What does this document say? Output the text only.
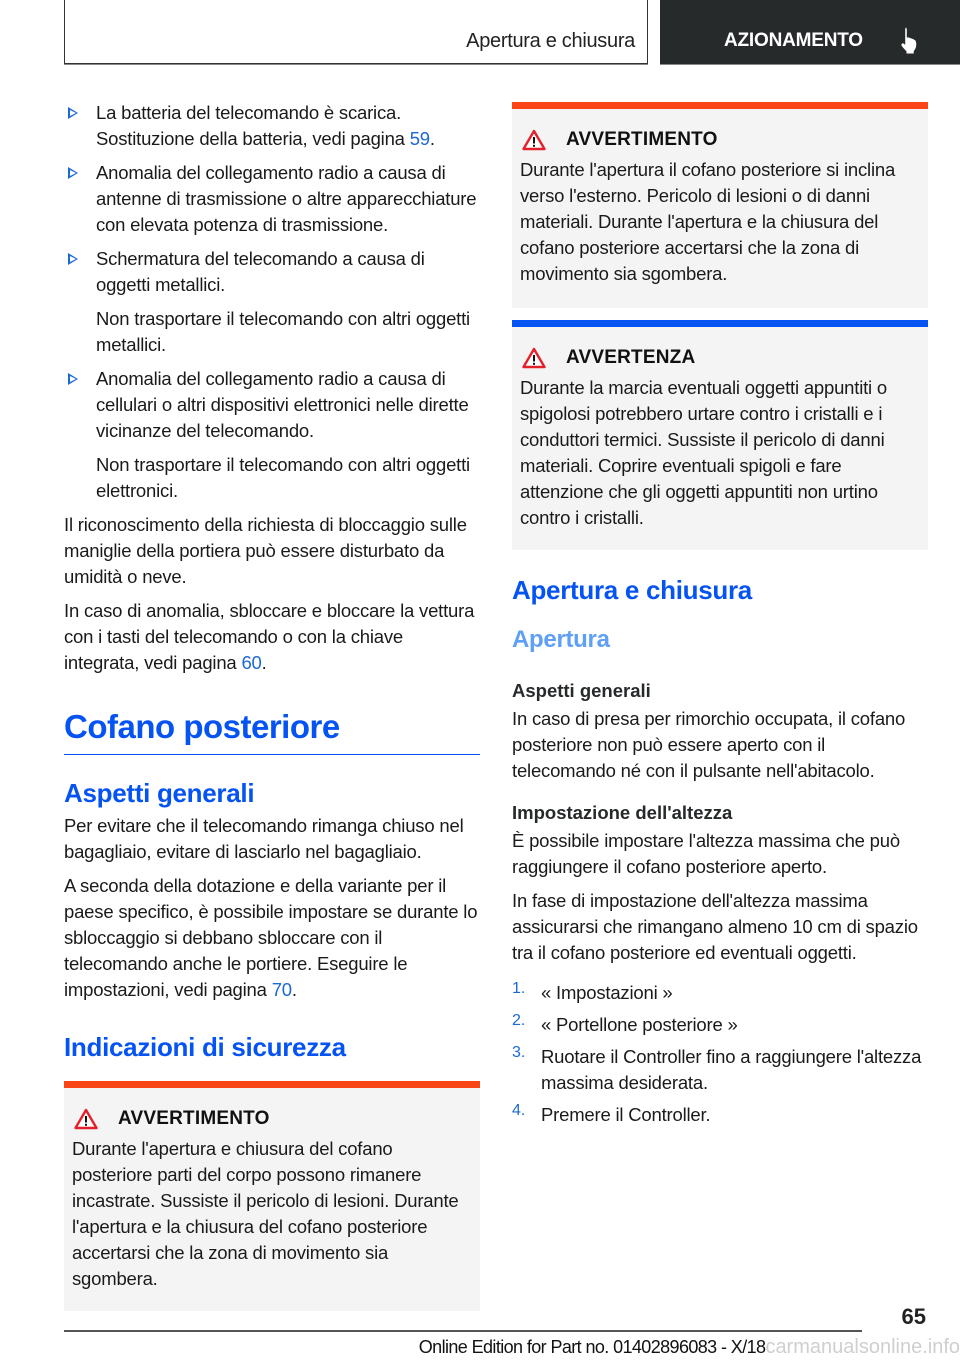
Apertura e chiusura	AZIONAMENTO

La batteria del telecomando è scarica. Sostituzione della batteria, vedi pagina 59.

Anomalia del collegamento radio a causa di antenne di trasmissione o altre apparecchiature con elevata potenza di trasmissione.

Schermatura del telecomando a causa di oggetti metallici.

Non trasportare il telecomando con altri oggetti metallici.

Anomalia del collegamento radio a causa di cellulari o altri dispositivi elettronici nelle dirette vicinanze del telecomando.

Non trasportare il telecomando con altri oggetti elettronici.

Il riconoscimento della richiesta di bloccaggio sulle maniglie della portiera può essere disturbato da umidità o neve.

In caso di anomalia, sbloccare e bloccare la vettura con i tasti del telecomando o con la chiave integrata, vedi pagina 60.

Cofano posteriore
Aspetti generali

Per evitare che il telecomando rimanga chiuso nel bagagliaio, evitare di lasciarlo nel bagagliaio.

A seconda della dotazione e della variante per il paese specifico, è possibile impostare se durante lo sbloccaggio si debbano sbloccare con il telecomando anche le portiere. Eseguire le impostazioni, vedi pagina 70.

Indicazioni di sicurezza
AVVERTIMENTO

Durante l'apertura e chiusura del cofano posteriore parti del corpo possono rimanere incastrate. Sussiste il pericolo di lesioni. Durante l'apertura e la chiusura del cofano posteriore accertarsi che la zona di movimento sia sgombera.

AVVERTIMENTO

Durante l'apertura il cofano posteriore si inclina verso l'esterno. Pericolo di lesioni o di danni materiali. Durante l'apertura e la chiusura del cofano posteriore accertarsi che la zona di movimento sia sgombera.

AVVERTENZA

Durante la marcia eventuali oggetti appuntiti o spigolosi potrebbero urtare contro i cristalli e i conduttori termici. Sussiste il pericolo di danni materiali. Coprire eventuali spigoli e fare attenzione che gli oggetti appuntiti non urtino contro i cristalli.

Apertura e chiusura
Apertura
Aspetti generali

In caso di presa per rimorchio occupata, il cofano posteriore non può essere aperto con il telecomando né con il pulsante nell'abitacolo.

Impostazione dell'altezza

È possibile impostare l'altezza massima che può raggiungere il cofano posteriore aperto.

In fase di impostazione dell'altezza massima assicurarsi che rimangano almeno 10 cm di spazio tra il cofano posteriore ed eventuali oggetti.

1. « Impostazioni »

2. « Portellone posteriore »

3. Ruotare il Controller fino a raggiungere l'altezza massima desiderata.

4. Premere il Controller.

65
Online Edition for Part no. 01402896083 - X/18carmanualsonline.info
